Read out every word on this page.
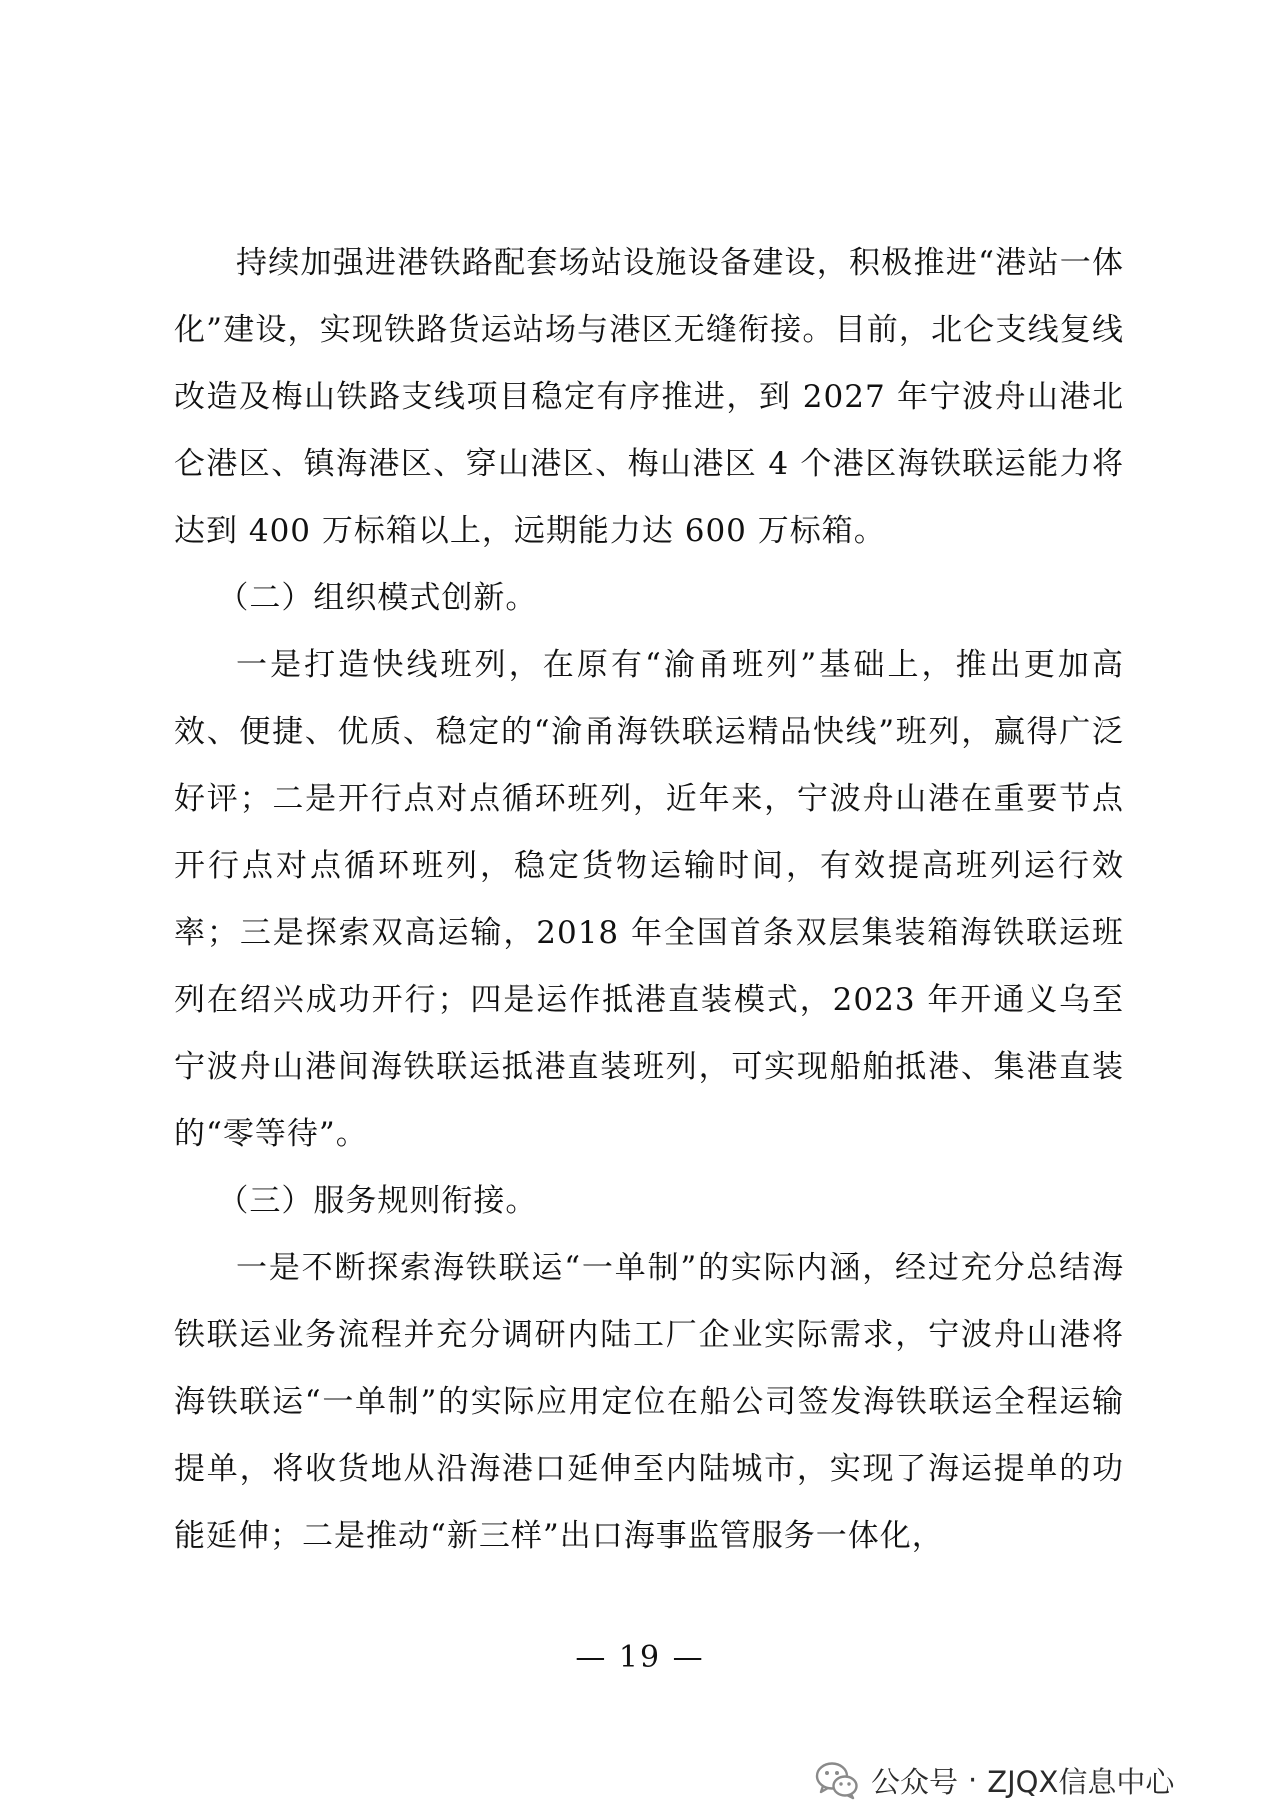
持续加强进港铁路配套场站设施设备建设，积极推进“港站一体化”建设，实现铁路货运站场与港区无缝衔接。目前，北仑支线复线改造及梅山铁路支线项目稳定有序推进，到 2027 年宁波舟山港北仑港区、镇海港区、穿山港区、梅山港区 4 个港区海铁联运能力将达到 400 万标箱以上，远期能力达 600 万标箱。

（二）组织模式创新。

一是打造快线班列，在原有“渝甬班列”基础上，推出更加高效、便捷、优质、稳定的“渝甬海铁联运精品快线”班列，赢得广泛好评；二是开行点对点循环班列，近年来，宁波舟山港在重要节点开行点对点循环班列，稳定货物运输时间，有效提高班列运行效率；三是探索双高运输，2018 年全国首条双层集装箱海铁联运班列在绍兴成功开行；四是运作抵港直装模式，2023 年开通义乌至宁波舟山港间海铁联运抵港直装班列，可实现船舶抵港、集港直装的“零等待”。

（三）服务规则衔接。

一是不断探索海铁联运“一单制”的实际内涵，经过充分总结海铁联运业务流程并充分调研内陆工厂企业实际需求，宁波舟山港将海铁联运“一单制”的实际应用定位在船公司签发海铁联运全程运输提单，将收货地从沿海港口延伸至内陆城市，实现了海运提单的功能延伸；二是推动“新三样”出口海事监管服务一体化，

— 19 —
公众号 · ZJQX信息中心
